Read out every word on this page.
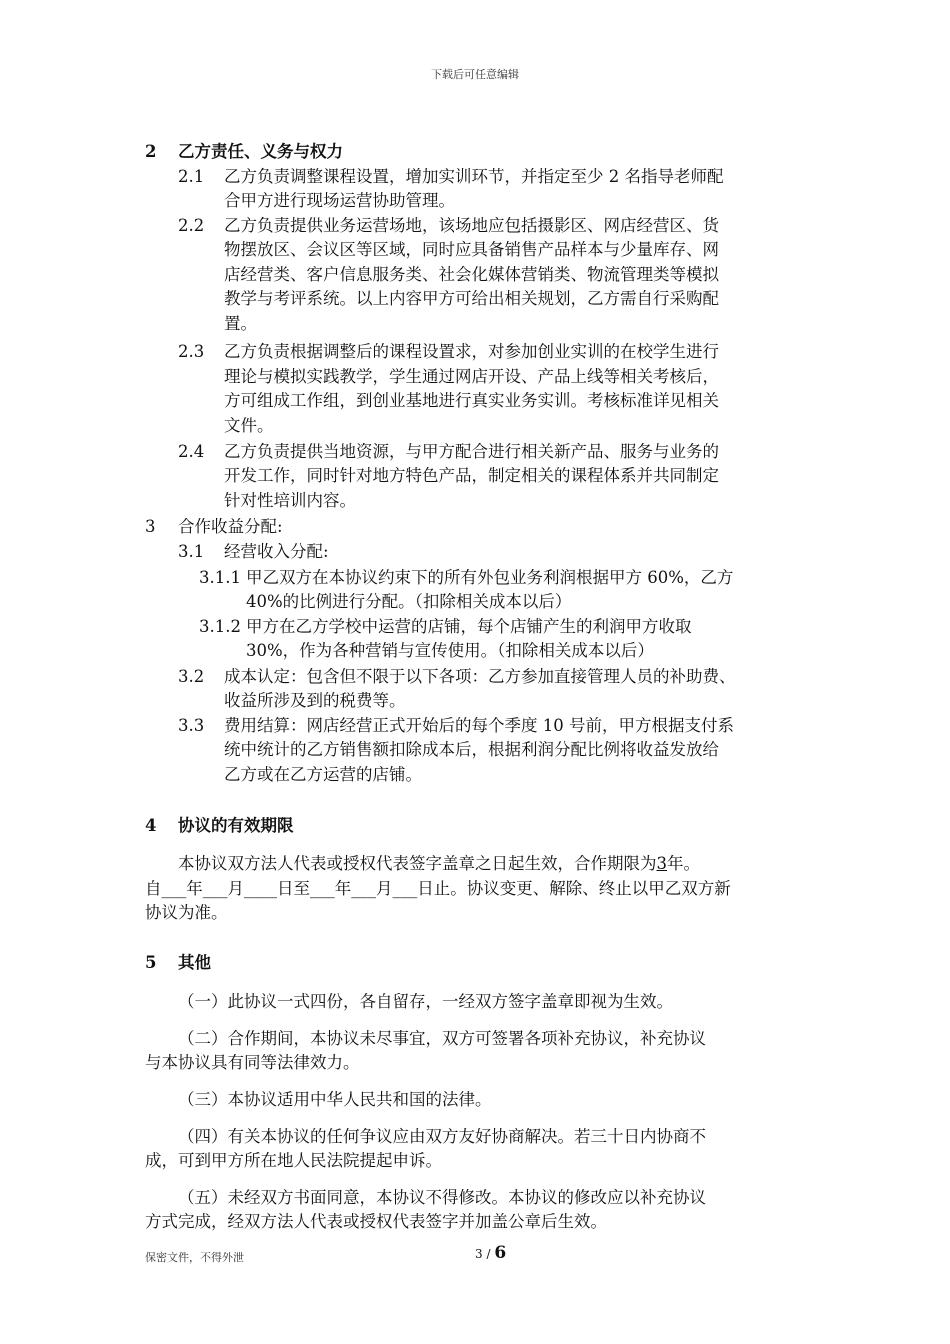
下载后可任意编辑
2 乙方责任、义务与权力
2.1 乙方负责调整课程设置，增加实训环节，并指定至少 2 名指导老师配
合甲方进行现场运营协助管理。
2.2 乙方负责提供业务运营场地，该场地应包括摄影区、网店经营区、货
物摆放区、会议区等区域，同时应具备销售产品样本与少量库存、网
店经营类、客户信息服务类、社会化媒体营销类、物流管理类等模拟
教学与考评系统。以上内容甲方可给出相关规划，乙方需自行采购配
置。
2.3 乙方负责根据调整后的课程设置求，对参加创业实训的在校学生进行
理论与模拟实践教学，学生通过网店开设、产品上线等相关考核后，
方可组成工作组，到创业基地进行真实业务实训。考核标准详见相关
文件。
2.4 乙方负责提供当地资源，与甲方配合进行相关新产品、服务与业务的
开发工作，同时针对地方特色产品，制定相关的课程体系并共同制定
针对性培训内容。
3 合作收益分配:
3.1 经营收入分配:
3.1.1 甲乙双方在本协议约束下的所有外包业务利润根据甲方 60%，乙方
40%的比例进行分配。（扣除相关成本以后）
3.1.2 甲方在乙方学校中运营的店铺，每个店铺产生的利润甲方收取
30%，作为各种营销与宣传使用。（扣除相关成本以后）
3.2 成本认定：包含但不限于以下各项：乙方参加直接管理人员的补助费、
收益所涉及到的税费等。
3.3 费用结算：网店经营正式开始后的每个季度 10 号前，甲方根据支付系
统中统计的乙方销售额扣除成本后，根据利润分配比例将收益发放给
乙方或在乙方运营的店铺。
4 协议的有效期限
本协议双方法人代表或授权代表签字盖章之日起生效，合作期限为3年。
自___年___月____日至___年___月___日止。协议变更、解除、终止以甲乙双方新
协议为准。
5 其他
（一）此协议一式四份，各自留存，一经双方签字盖章即视为生效。
（二）合作期间，本协议未尽事宜，双方可签署各项补充协议，补充协议
与本协议具有同等法律效力。
（三）本协议适用中华人民共和国的法律。
（四）有关本协议的任何争议应由双方友好协商解决。若三十日内协商不
成，可到甲方所在地人民法院提起申诉。
（五）未经双方书面同意，本协议不得修改。本协议的修改应以补充协议
方式完成，经双方法人代表或授权代表签字并加盖公章后生效。
保密文件，不得外泄	3 / 6
